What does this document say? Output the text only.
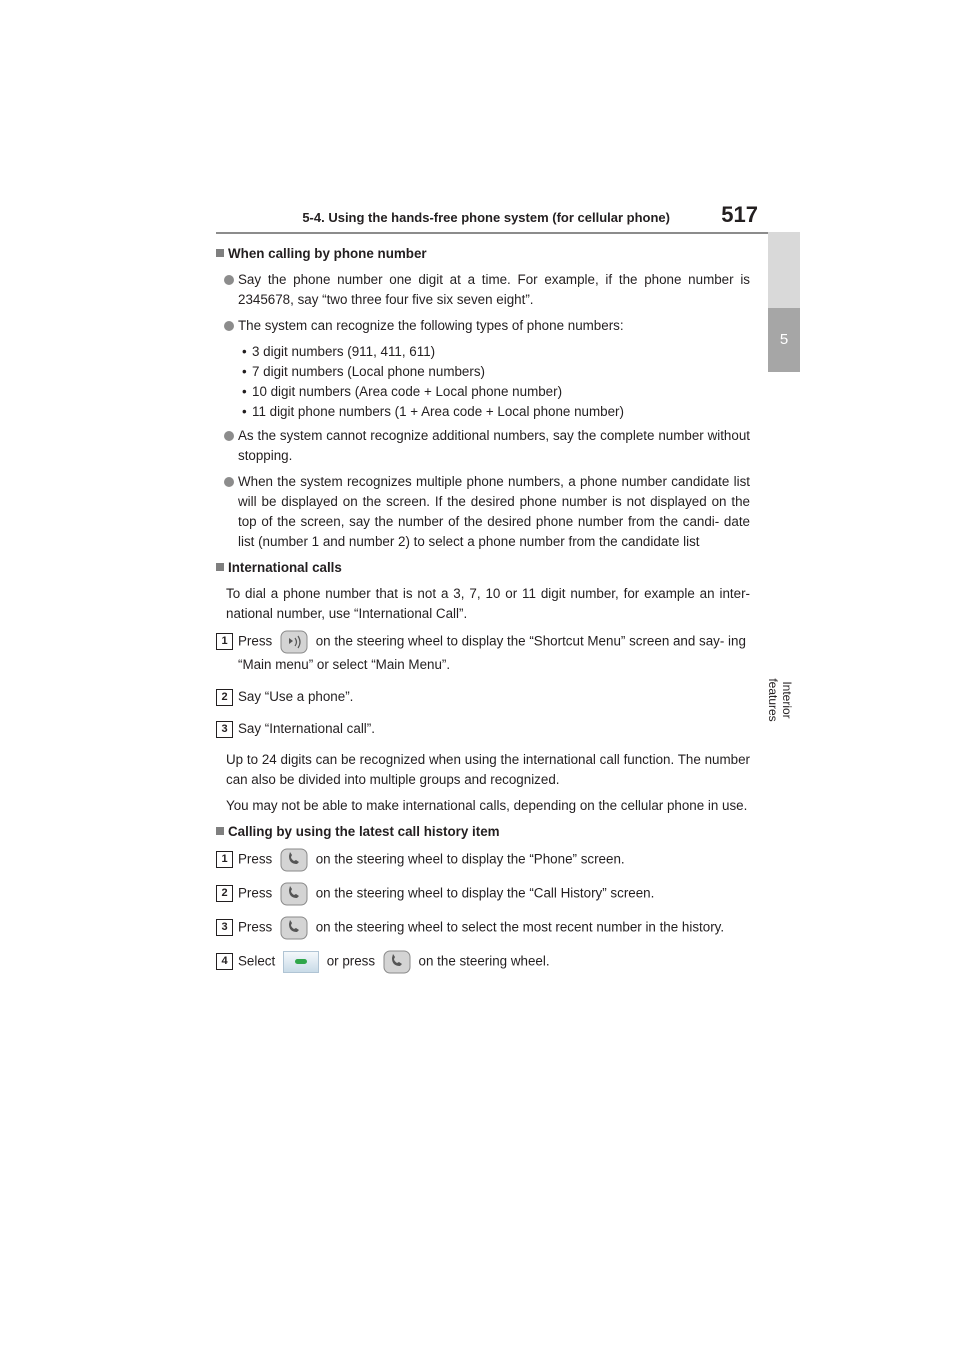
5-4. Using the hands-free phone system (for cellular phone) 517
5
Interior features
When calling by phone number
Say the phone number one digit at a time. For example, if the phone number is 2345678, say “two three four five six seven eight”.
The system can recognize the following types of phone numbers:
• 3 digit numbers (911, 411, 611)
• 7 digit numbers (Local phone numbers)
• 10 digit numbers (Area code + Local phone number)
• 11 digit phone numbers (1 + Area code + Local phone number)
As the system cannot recognize additional numbers, say the complete number without stopping.
When the system recognizes multiple phone numbers, a phone number candidate list will be displayed on the screen. If the desired phone number is not displayed on the top of the screen, say the number of the desired phone number from the candi- date list (number 1 and number 2) to select a phone number from the candidate list
International calls
To dial a phone number that is not a 3, 7, 10 or 11 digit number, for example an inter- national number, use “International Call”.
1 Press	on the steering wheel to display the “Shortcut Menu” screen and say- ing “Main menu” or select “Main Menu”.
2 Say “Use a phone”.
3 Say “International call”.
Up to 24 digits can be recognized when using the international call function. The number can also be divided into multiple groups and recognized.
You may not be able to make international calls, depending on the cellular phone in use.
Calling by using the latest call history item
1 Press	on the steering wheel to display the “Phone” screen.
2 Press	on the steering wheel to display the “Call History” screen.
3 Press	on the steering wheel to select the most recent number in the history.
4 Select	or press	on the steering wheel.
